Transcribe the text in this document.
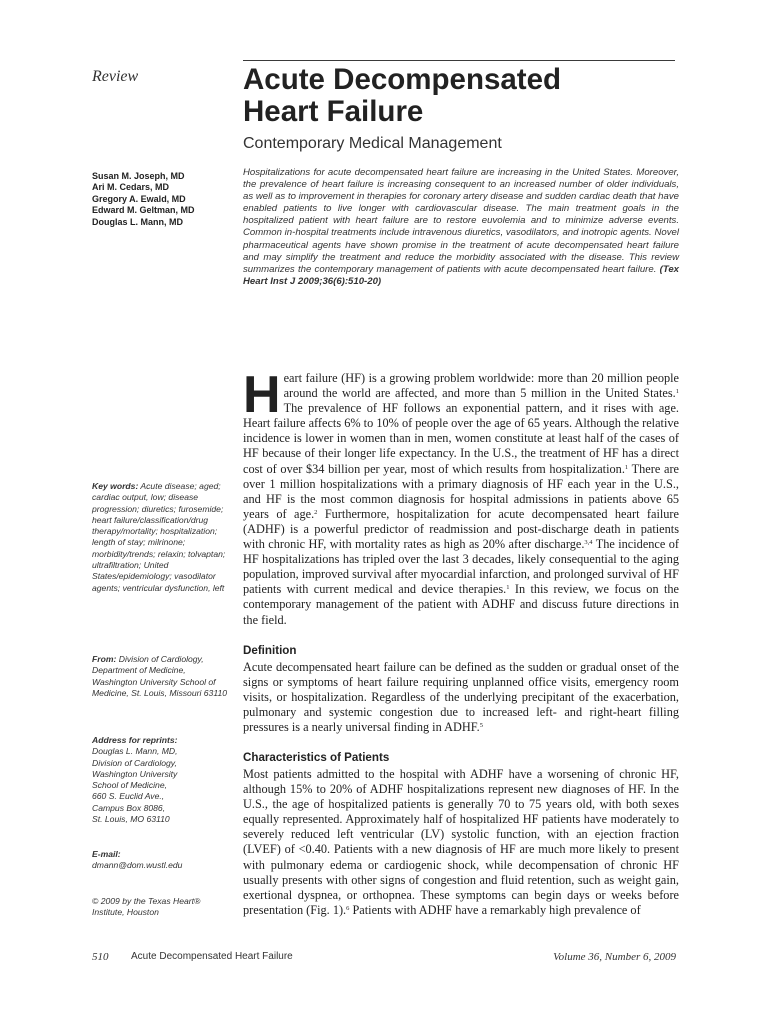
Review	Acute Decompensated
Heart Failure
Contemporary Medical Management
Susan M. Joseph, MD
Ari M. Cedars, MD
Gregory A. Ewald, MD
Edward M. Geltman, MD
Douglas L. Mann, MD
Hospitalizations for acute decompensated heart failure are increasing in the United States. Moreover, the prevalence of heart failure is increasing consequent to an increased number of older individuals, as well as to improvement in therapies for coronary artery disease and sudden cardiac death that have enabled patients to live longer with cardiovascular disease. The main treatment goals in the hospitalized patient with heart failure are to restore euvolemia and to minimize adverse events. Common in-hospital treatments include intravenous diuretics, vasodilators, and inotropic agents. Novel pharmaceutical agents have shown promise in the treatment of acute decompensated heart failure and may simplify the treatment and reduce the morbidity associated with the disease. This review summarizes the contemporary management of patients with acute decompensated heart failure. (Tex Heart Inst J 2009;36(6):510-20)
Key words: Acute disease; aged; cardiac output, low; disease progression; diuretics; furosemide; heart failure/classification/drug therapy/mortality; hospitalization; length of stay; milrinone; morbidity/trends; relaxin; tolvaptan; ultrafiltration; United States/epidemiology; vasodilator agents; ventricular dysfunction, left
From: Division of Cardiology, Department of Medicine, Washington University School of Medicine, St. Louis, Missouri 63110
Address for reprints:
Douglas L. Mann, MD,
Division of Cardiology,
Washington University
School of Medicine,
660 S. Euclid Ave.,
Campus Box 8086,
St. Louis, MO 63110
E-mail:
dmann@dom.wustl.edu
© 2009 by the Texas Heart®
Institute, Houston
Heart failure (HF) is a growing problem worldwide: more than 20 million people around the world are affected, and more than 5 million in the United States.$^1$ The prevalence of HF follows an exponential pattern, and it rises with age. Heart failure affects 6% to 10% of people over the age of 65 years. Although the relative incidence is lower in women than in men, women constitute at least half of the cases of HF because of their longer life expectancy. In the U.S., the treatment of HF has a direct cost of over $34 billion per year, most of which results from hospitalization.$^1$ There are over 1 million hospitalizations with a primary diagnosis of HF each year in the U.S., and HF is the most common diagnosis for hospital admissions in patients above 65 years of age.$^2$ Furthermore, hospitalization for acute decompensated heart failure (ADHF) is a powerful predictor of readmission and post-discharge death in patients with chronic HF, with mortality rates as high as 20% after discharge.$^{3,4}$ The incidence of HF hospitalizations has tripled over the last 3 decades, likely consequential to the aging population, improved survival after myocardial infarction, and prolonged survival of HF patients with current medical and device therapies.$^1$ In this review, we focus on the contemporary management of the patient with ADHF and discuss future directions in the field.
Definition
Acute decompensated heart failure can be defined as the sudden or gradual onset of the signs or symptoms of heart failure requiring unplanned office visits, emergency room visits, or hospitalization. Regardless of the underlying precipitant of the exacerbation, pulmonary and systemic congestion due to increased left- and right-heart filling pressures is a nearly universal finding in ADHF.$^5$
Characteristics of Patients
Most patients admitted to the hospital with ADHF have a worsening of chronic HF, although 15% to 20% of ADHF hospitalizations represent new diagnoses of HF. In the U.S., the age of hospitalized patients is generally 70 to 75 years old, with both sexes equally represented. Approximately half of hospitalized HF patients have moderately to severely reduced left ventricular (LV) systolic function, with an ejection fraction (LVEF) of <0.40. Patients with a new diagnosis of HF are much more likely to present with pulmonary edema or cardiogenic shock, while decompensation of chronic HF usually presents with other signs of congestion and fluid retention, such as weight gain, exertional dyspnea, or orthopnea. These symptoms can begin days or weeks before presentation (Fig. 1).$^6$ Patients with ADHF have a remarkably high prevalence of
510 Acute Decompensated Heart Failure	Volume 36, Number 6, 2009
